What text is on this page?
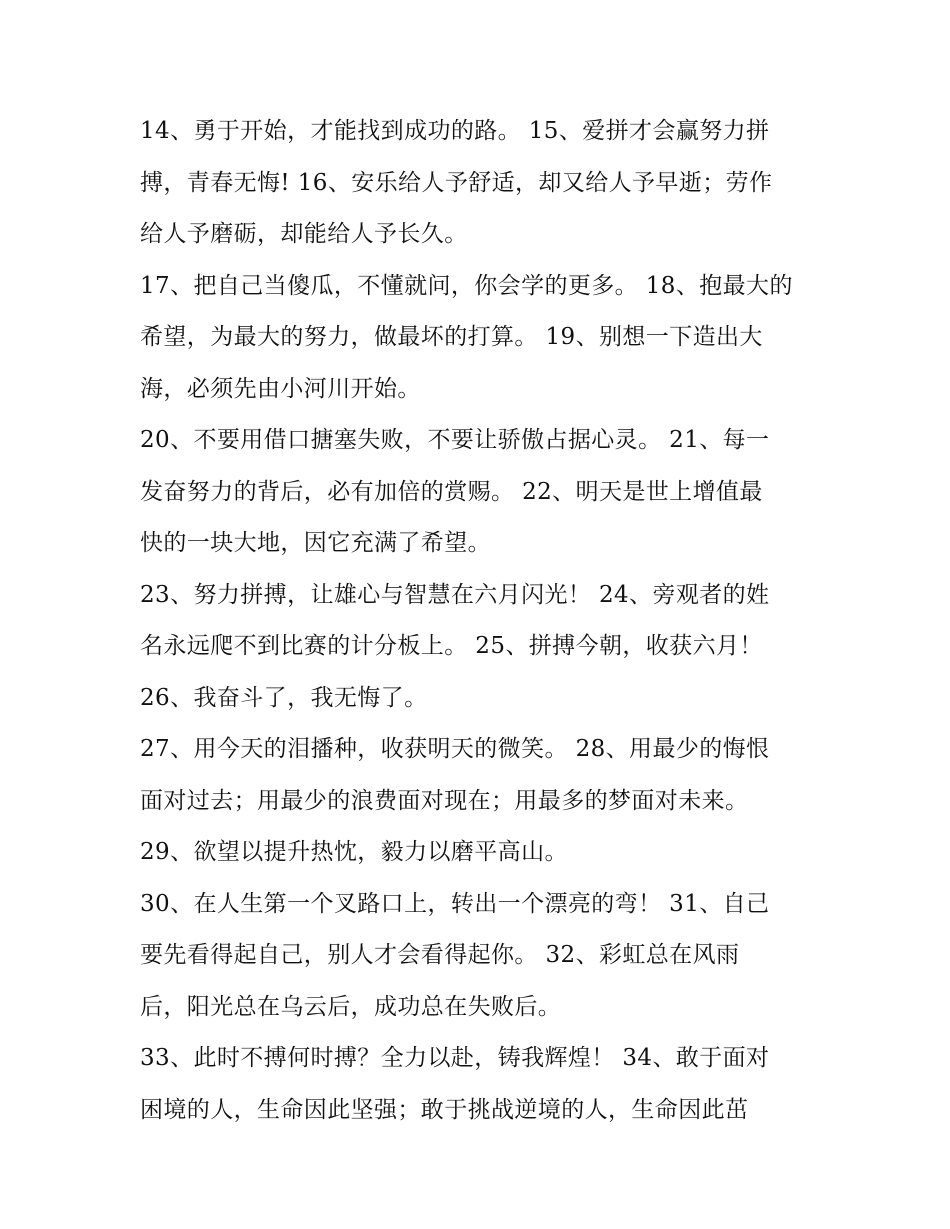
14、勇于开始，才能找到成功的路。 15、爱拼才会赢努力拼
搏，青春无悔! 16、安乐给人予舒适，却又给人予早逝；劳作
给人予磨砺，却能给人予长久。
17、把自己当傻瓜，不懂就问，你会学的更多。 18、抱最大的
希望，为最大的努力，做最坏的打算。 19、别想一下造出大
海，必须先由小河川开始。
20、不要用借口搪塞失败，不要让骄傲占据心灵。 21、每一
发奋努力的背后，必有加倍的赏赐。 22、明天是世上增值最
快的一块大地，因它充满了希望。
23、努力拼搏，让雄心与智慧在六月闪光！ 24、旁观者的姓
名永远爬不到比赛的计分板上。 25、拼搏今朝，收获六月！
26、我奋斗了，我无悔了。
27、用今天的泪播种，收获明天的微笑。 28、用最少的悔恨
面对过去；用最少的浪费面对现在；用最多的梦面对未来。
29、欲望以提升热忱，毅力以磨平高山。
30、在人生第一个叉路口上，转出一个漂亮的弯！ 31、自己
要先看得起自己，别人才会看得起你。 32、彩虹总在风雨
后，阳光总在乌云后，成功总在失败后。
33、此时不搏何时搏？全力以赴，铸我辉煌！ 34、敢于面对
困境的人，生命因此坚强；敢于挑战逆境的人，生命因此茁
